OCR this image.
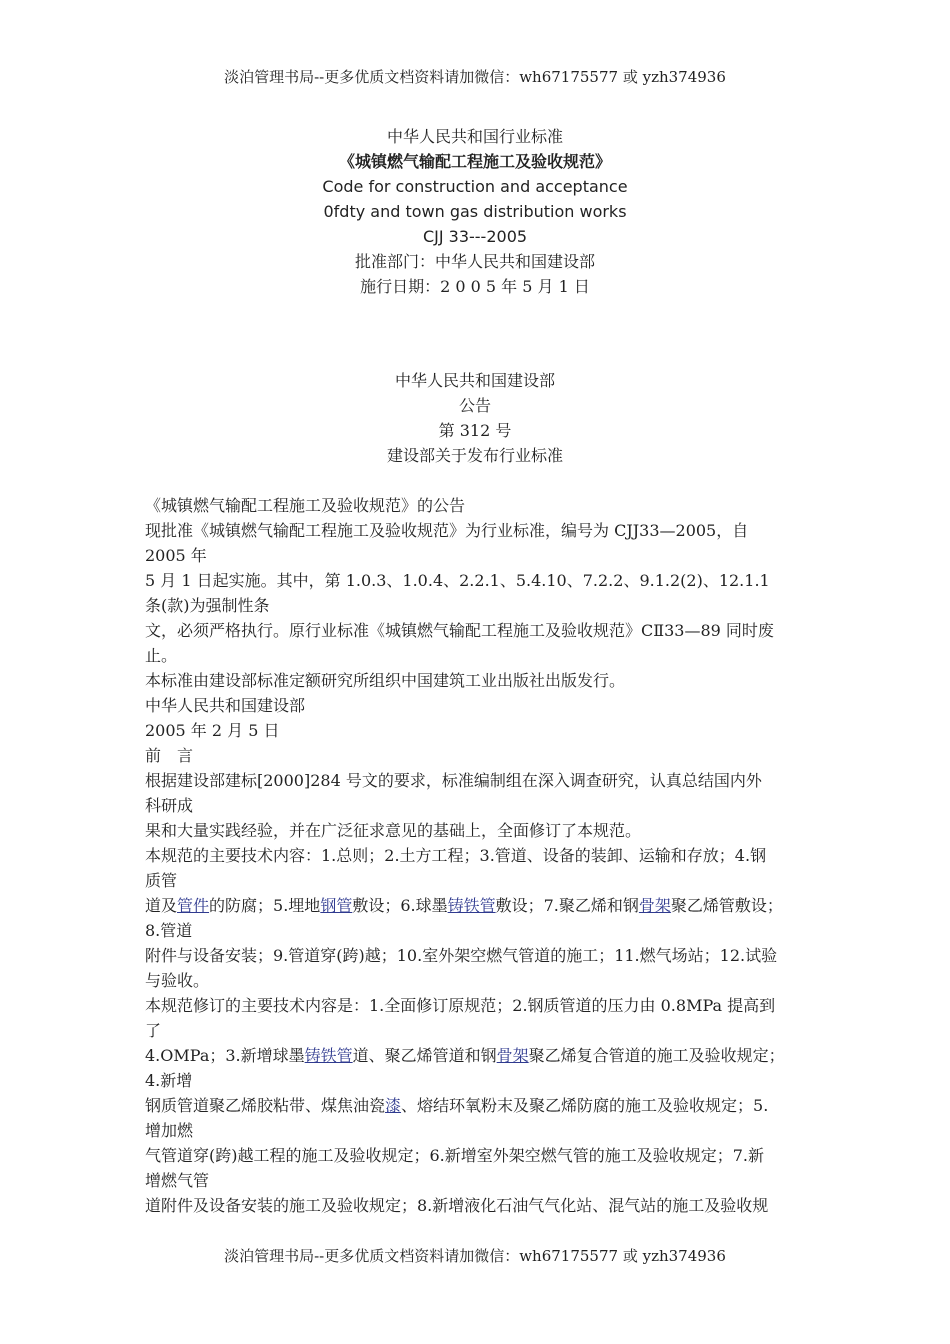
淡泊管理书局--更多优质文档资料请加微信：wh67175577 或 yzh374936
中华人民共和国行业标准
《城镇燃气输配工程施工及验收规范》
Code for construction and acceptance
0fdty and town gas distribution works
CJJ 33---2005
批准部门：中华人民共和国建设部
施行日期：2 0 0 5 年 5 月 1 日
中华人民共和国建设部
公告
第 312 号
建设部关于发布行业标准
《城镇燃气输配工程施工及验收规范》的公告
现批准《城镇燃气输配工程施工及验收规范》为行业标准，编号为 CJJ33—2005，自
2005 年
5 月 1 日起实施。其中，第 1.0.3、1.0.4、2.2.1、5.4.10、7.2.2、9.1.2(2)、12.1.1
条(款)为强制性条
文，必须严格执行。原行业标准《城镇燃气输配工程施工及验收规范》CⅡ33—89 同时废
止。
本标准由建设部标准定额研究所组织中国建筑工业出版社出版发行。
中华人民共和国建设部
2005 年 2 月 5 日
前　言
根据建设部建标[2000]284 号文的要求，标准编制组在深入调查研究，认真总结国内外
科研成
果和大量实践经验，并在广泛征求意见的基础上，全面修订了本规范。
本规范的主要技术内容：1.总则；2.土方工程；3.管道、设备的装卸、运输和存放；4.钢
质管
道及管件的防腐；5.埋地钢管敷设；6.球墨铸铁管敷设；7.聚乙烯和钢骨架聚乙烯管敷设；
8.管道
附件与设备安装；9.管道穿(跨)越；10.室外架空燃气管道的施工；11.燃气场站；12.试验
与验收。
本规范修订的主要技术内容是：1.全面修订原规范；2.钢质管道的压力由 0.8MPa 提高到
了
4.OMPa；3.新增球墨铸铁管道、聚乙烯管道和钢骨架聚乙烯复合管道的施工及验收规定；
4.新增
钢质管道聚乙烯胶粘带、煤焦油瓷漆、熔结环氧粉末及聚乙烯防腐的施工及验收规定；5.
增加燃
气管道穿(跨)越工程的施工及验收规定；6.新增室外架空燃气管的施工及验收规定；7.新
增燃气管
道附件及设备安装的施工及验收规定；8.新增液化石油气气化站、混气站的施工及验收规
淡泊管理书局--更多优质文档资料请加微信：wh67175577 或 yzh374936
